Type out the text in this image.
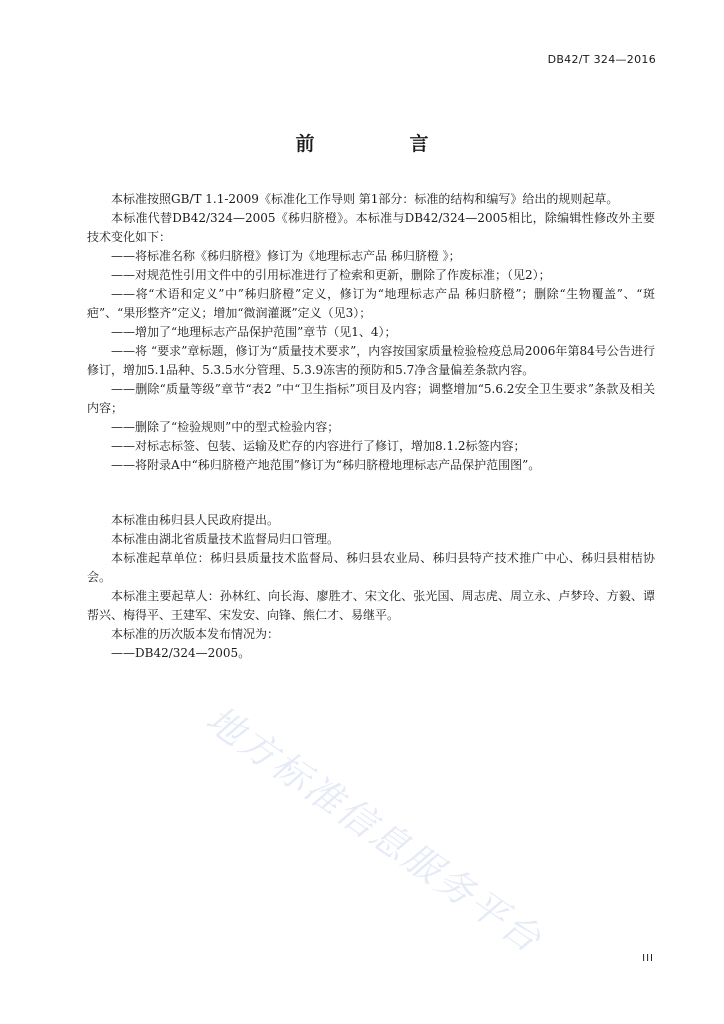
DB42/T 324—2016
前　言

本标准按照GB/T 1.1-2009《标准化工作导则 第1部分：标准的结构和编写》给出的规则起草。

本标准代替DB42/324—2005《秭归脐橙》。本标准与DB42/324—2005相比，除编辑性修改外主要技术变化如下：

——将标准名称《秭归脐橙》修订为《地理标志产品 秭归脐橙 》；

——对规范性引用文件中的引用标准进行了检索和更新，删除了作废标准；（见2）；

——将“术语和定义”中”秭归脐橙”定义，修订为“地理标志产品 秭归脐橙”；删除“生物覆盖”、“斑疤”、“果形整齐”定义；增加“微润灌溉”定义（见3）；

——增加了“地理标志产品保护范围”章节（见1、4）；

——将 “要求”章标题，修订为“质量技术要求”，内容按国家质量检验检疫总局2006年第84号公告进行修订，增加5.1品种、5.3.5水分管理、5.3.9冻害的预防和5.7净含量偏差条款内容。

——删除“质量等级”章节“表2 ”中“卫生指标”项目及内容；调整增加“5.6.2安全卫生要求”条款及相关内容；

——删除了“检验规则”中的型式检验内容；

——对标志标签、包装、运输及贮存的内容进行了修订，增加8.1.2标签内容；

——将附录A中“秭归脐橙产地范围”修订为“秭归脐橙地理标志产品保护范围图”。

本标准由秭归县人民政府提出。

本标准由湖北省质量技术监督局归口管理。

本标准起草单位：秭归县质量技术监督局、秭归县农业局、秭归县特产技术推广中心、秭归县柑桔协会。

本标准主要起草人：孙林红、向长海、廖胜才、宋文化、张光国、周志虎、周立永、卢梦玲、方毅、谭帮兴、梅得平、王建军、宋发安、向锋、熊仁才、易继平。

本标准的历次版本发布情况为：

——DB42/324—2005。

地方标准信息服务平台	III
